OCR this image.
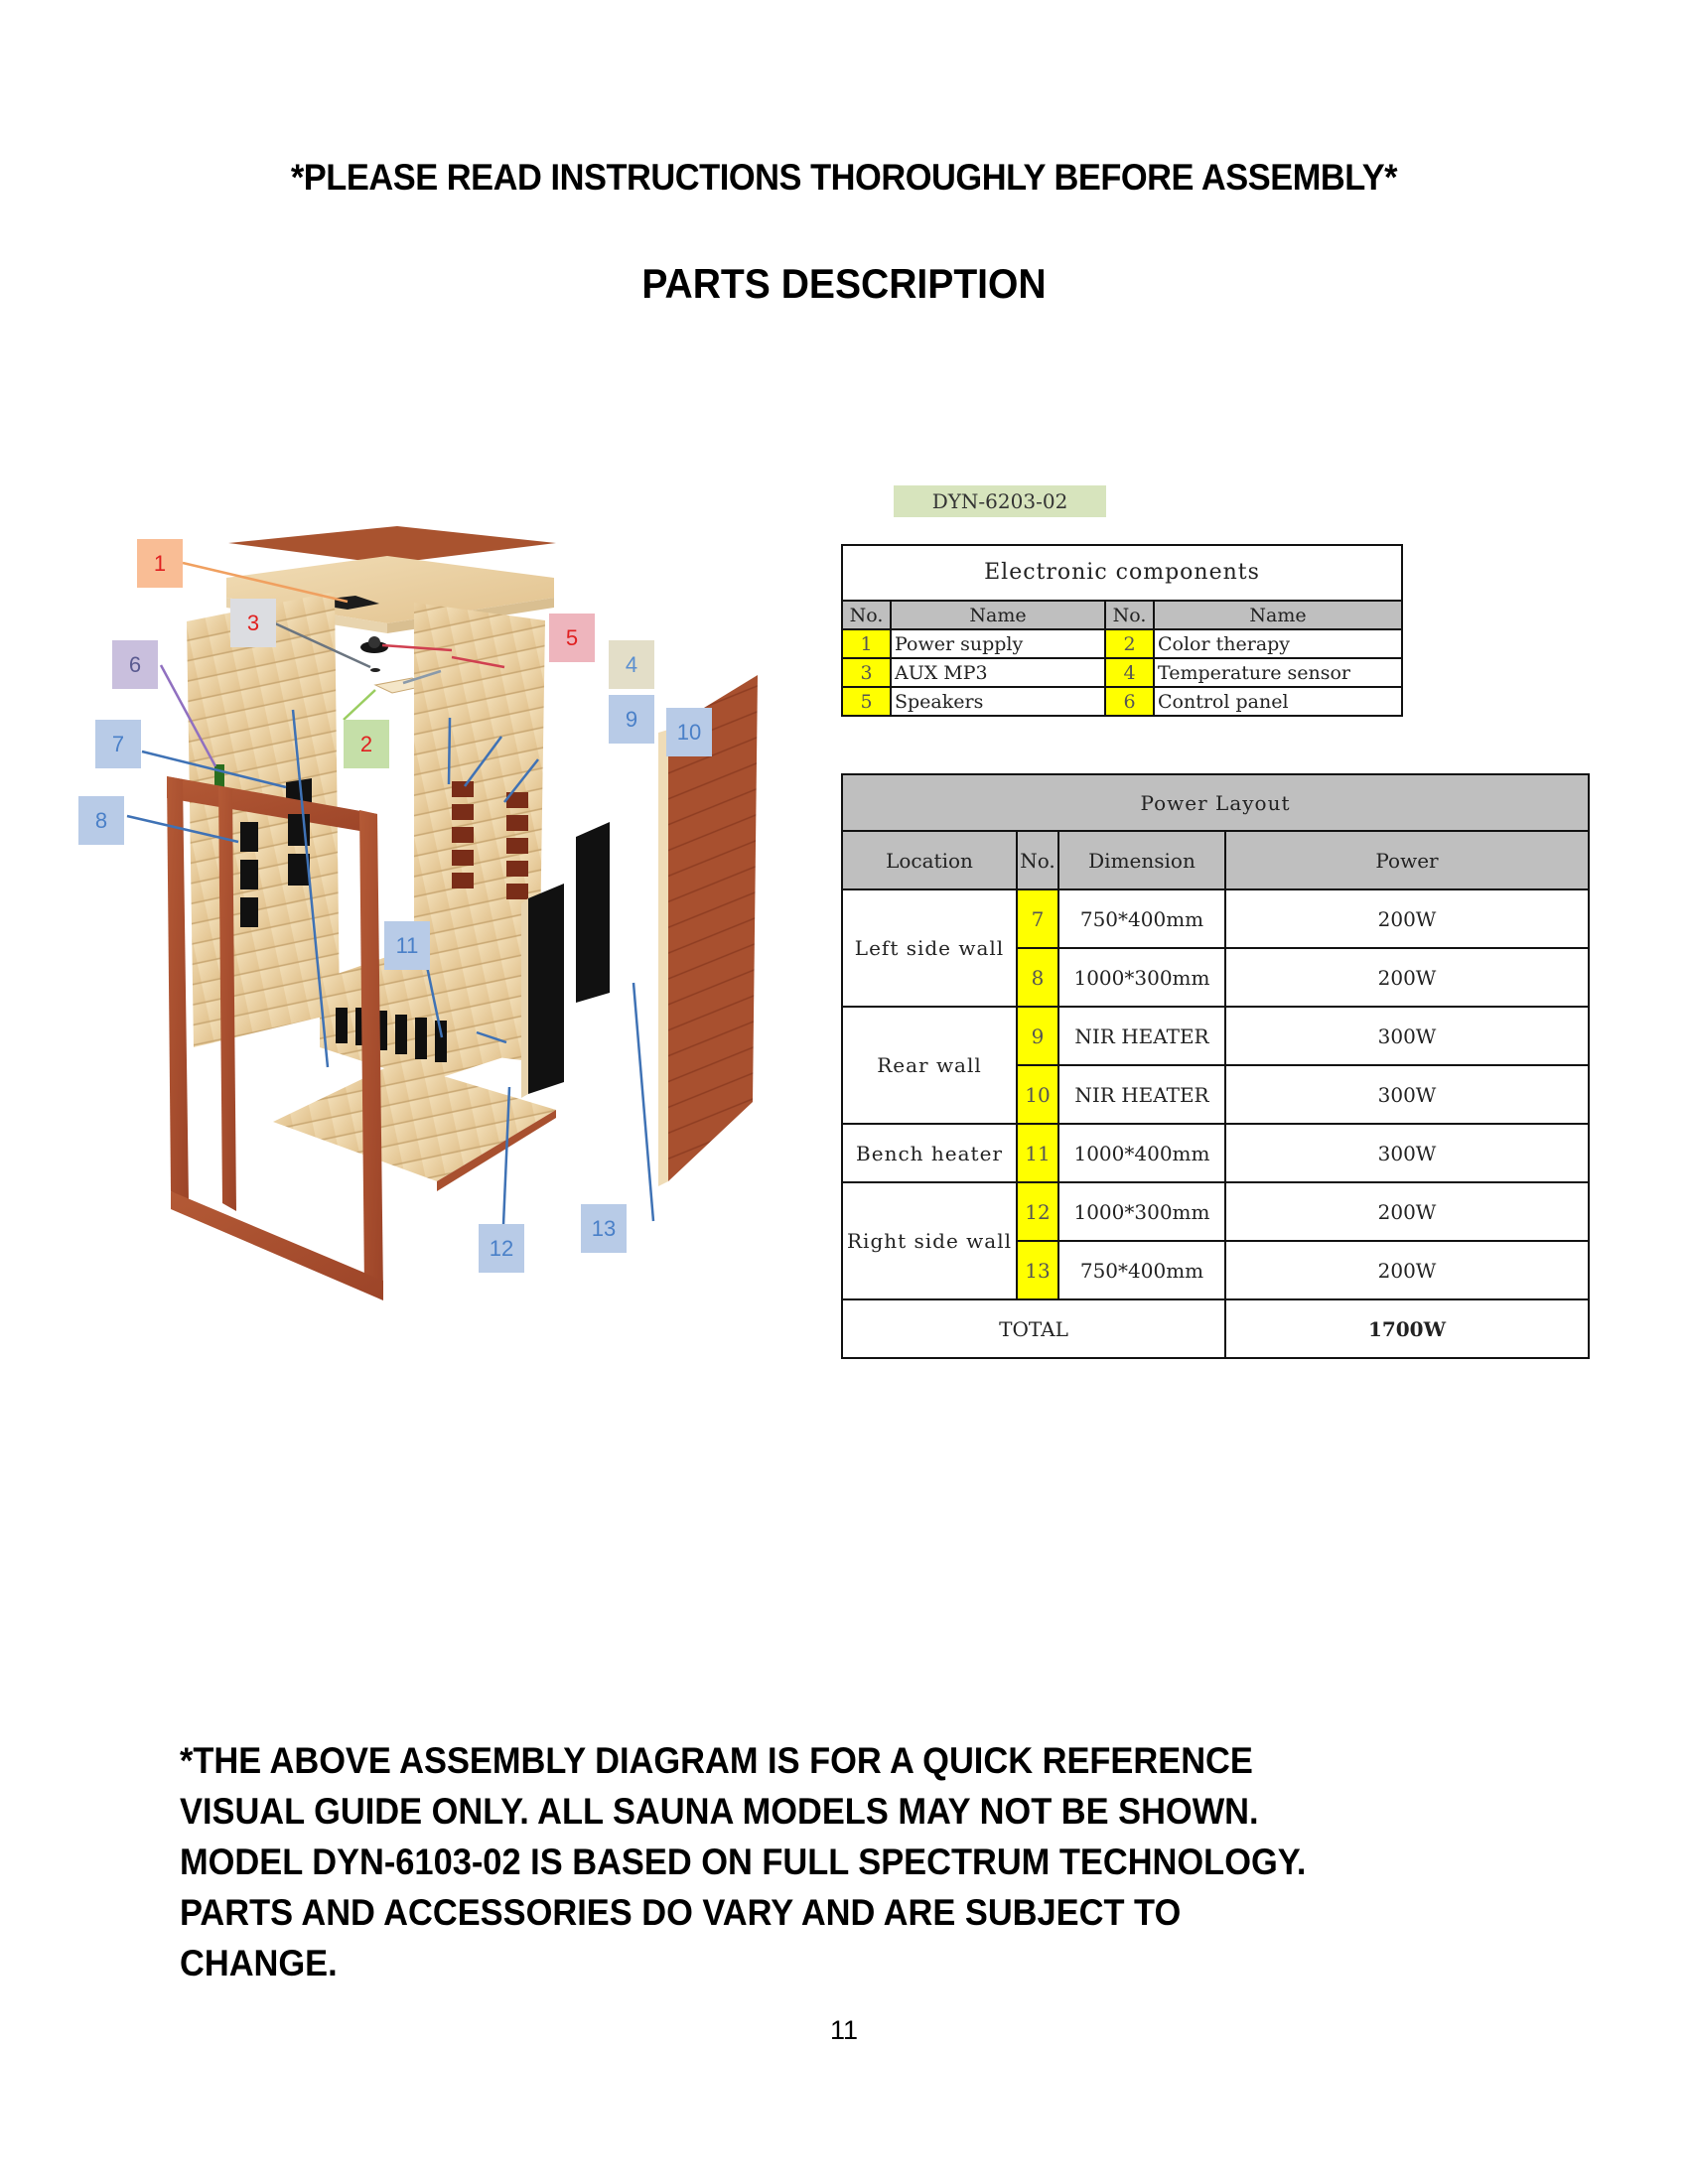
*PLEASE READ INSTRUCTIONS THOROUGHLY BEFORE ASSEMBLY*
PARTS DESCRIPTION
1
2
3
4
5
6
7
8
9
10
11
12
13
DYN-6203-02
Electronic components			
No.	Name	No.	Name
1	Power supply	2	Color therapy
3	AUX MP3	4	Temperature sensor
5	Speakers	6	Control panel
Power Layout			
Location	No.	Dimension	Power
Left side wall	7	750*400mm	200W
	8	1000*300mm	200W
Rear wall	9	NIR HEATER	300W
	10	NIR HEATER	300W
Bench heater	11	1000*400mm	300W
Right side wall	12	1000*300mm	200W
	13	750*400mm	200W
TOTAL			1700W
*THE ABOVE ASSEMBLY DIAGRAM IS FOR A QUICK REFERENCE
VISUAL GUIDE ONLY. ALL SAUNA MODELS MAY NOT BE SHOWN.
MODEL DYN-6103-02 IS BASED ON FULL SPECTRUM TECHNOLOGY.
PARTS AND ACCESSORIES DO VARY AND ARE SUBJECT TO
CHANGE.
11
